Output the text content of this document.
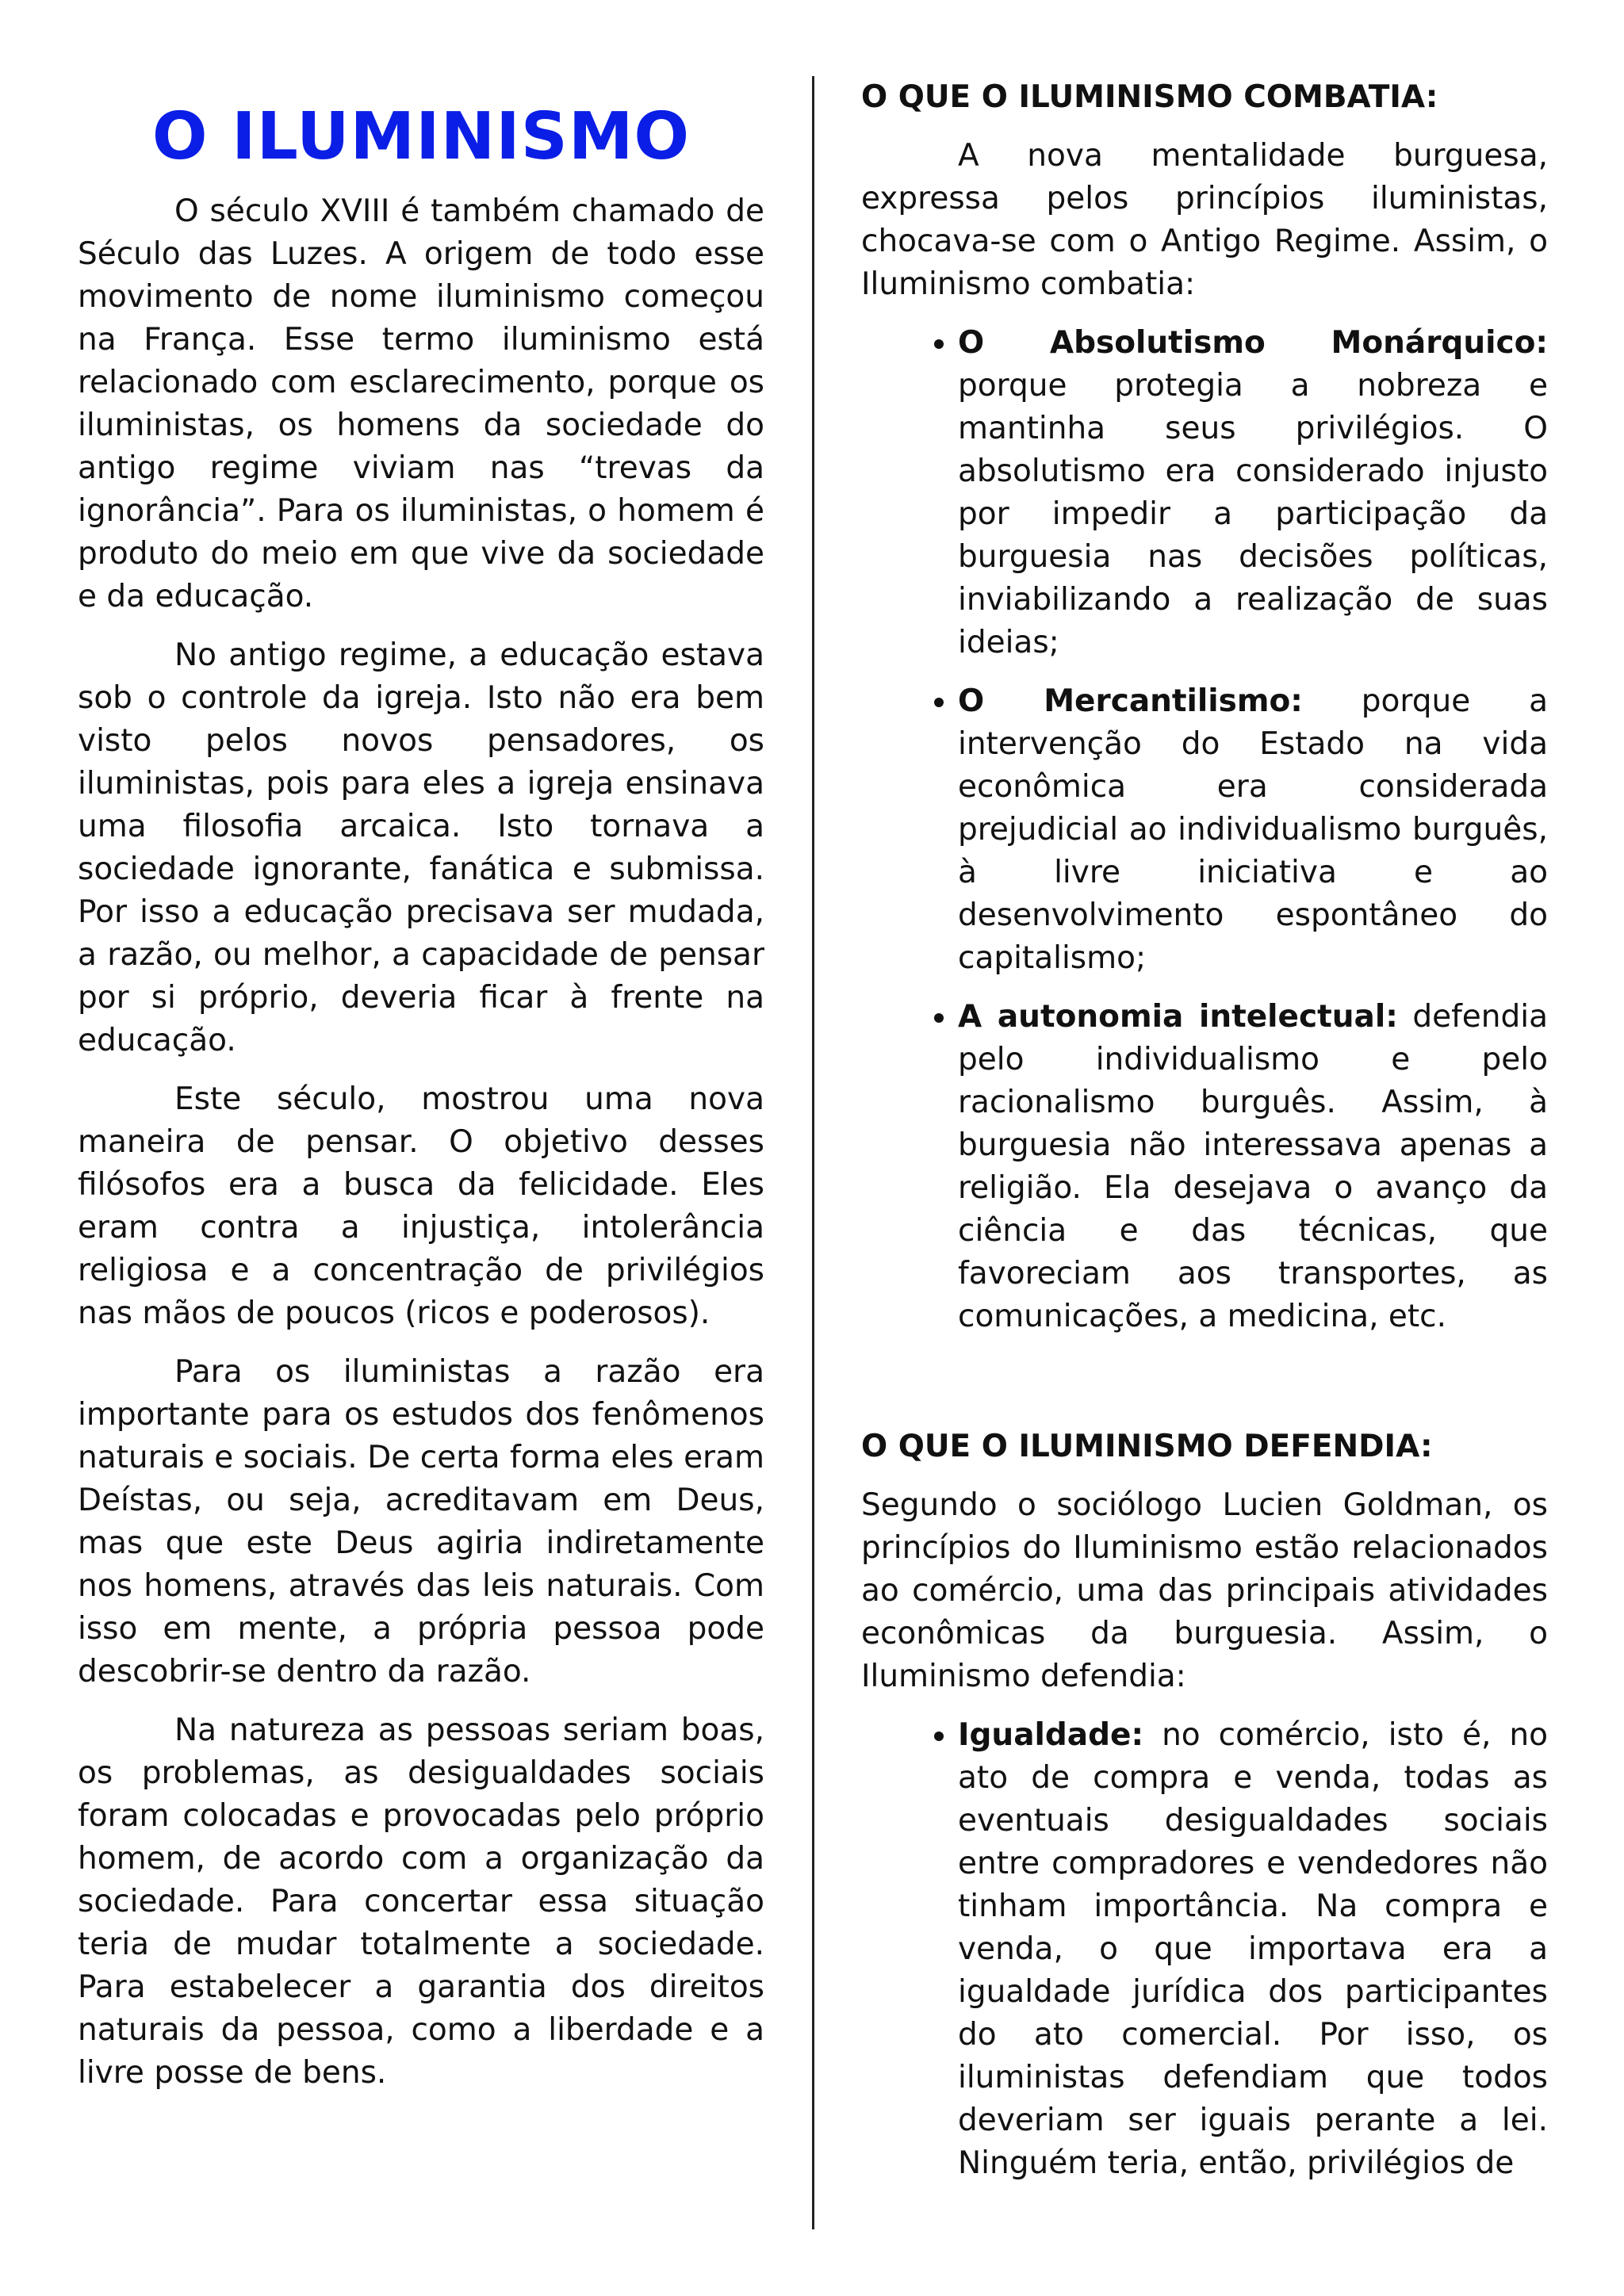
O ILUMINISMO

O século XVIII é também chamado de Século das Luzes. A origem de todo esse movimento de nome iluminismo começou na França. Esse termo iluminismo está relacionado com esclarecimento, porque os iluministas, os homens da sociedade do antigo regime viviam nas “trevas da ignorância”. Para os iluministas, o homem é produto do meio em que vive da sociedade e da educação.

No antigo regime, a educação estava sob o controle da igreja. Isto não era bem visto pelos novos pensadores, os iluministas, pois para eles a igreja ensinava uma filosofia arcaica. Isto tornava a sociedade ignorante, fanática e submissa. Por isso a educação precisava ser mudada, a razão, ou melhor, a capacidade de pensar por si próprio, deveria ficar à frente na educação.

Este século, mostrou uma nova maneira de pensar. O objetivo desses filósofos era a busca da felicidade. Eles eram contra a injustiça, intolerância religiosa e a concentração de privilégios nas mãos de poucos (ricos e poderosos).

Para os iluministas a razão era importante para os estudos dos fenômenos naturais e sociais. De certa forma eles eram Deístas, ou seja, acreditavam em Deus, mas que este Deus agiria indiretamente nos homens, através das leis naturais. Com isso em mente, a própria pessoa pode descobrir-se dentro da razão.

Na natureza as pessoas seriam boas, os problemas, as desigualdades sociais foram colocadas e provocadas pelo próprio homem, de acordo com a organização da sociedade. Para concertar essa situação teria de mudar totalmente a sociedade. Para estabelecer a garantia dos direitos naturais da pessoa, como a liberdade e a livre posse de bens.

O QUE O ILUMINISMO COMBATIA:

A nova mentalidade burguesa, expressa pelos princípios iluministas, chocava-se com o Antigo Regime. Assim, o Iluminismo combatia:

• O Absolutismo Monárquico: porque protegia a nobreza e mantinha seus privilégios. O absolutismo era considerado injusto por impedir a participação da burguesia nas decisões políticas, inviabilizando a realização de suas ideias;
• O Mercantilismo: porque a intervenção do Estado na vida econômica era considerada prejudicial ao individualismo burguês, à livre iniciativa e ao desenvolvimento espontâneo do capitalismo;
• A autonomia intelectual: defendia pelo individualismo e pelo racionalismo burguês. Assim, à burguesia não interessava apenas a religião. Ela desejava o avanço da ciência e das técnicas, que favoreciam aos transportes, as comunicações, a medicina, etc.
O QUE O ILUMINISMO DEFENDIA:

Segundo o sociólogo Lucien Goldman, os princípios do Iluminismo estão relacionados ao comércio, uma das principais atividades econômicas da burguesia. Assim, o Iluminismo defendia:

• Igualdade: no comércio, isto é, no ato de compra e venda, todas as eventuais desigualdades sociais entre compradores e vendedores não tinham importância. Na compra e venda, o que importava era a igualdade jurídica dos participantes do ato comercial. Por isso, os iluministas defendiam que todos deveriam ser iguais perante a lei. Ninguém teria, então, privilégios de
